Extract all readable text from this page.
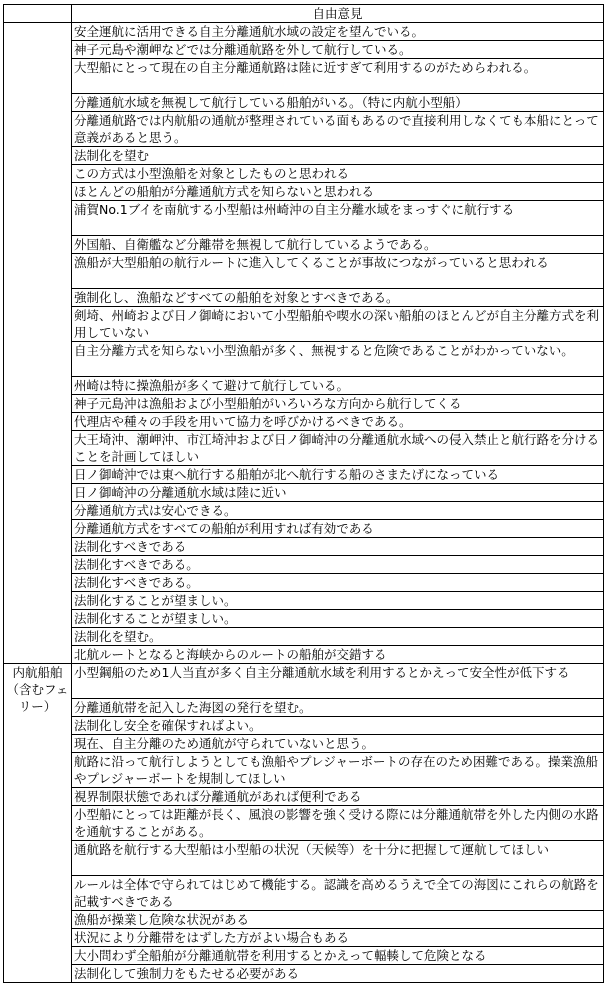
	自由意見
	安全運航に活用できる自主分離通航水域の設定を望んでいる。
	神子元島や潮岬などでは分離通航路を外して航行している。
	大型船にとって現在の自主分離通航路は陸に近すぎて利用するのがためらわれる。
	分離通航水域を無視して航行している船舶がいる。（特に内航小型船）
	分離通航路では内航船の通航が整理されている面もあるので直接利用しなくても本船にとって意義があると思う。
	法制化を望む
	この方式は小型漁船を対象としたものと思われる
	ほとんどの船舶が分離通航方式を知らないと思われる
	浦賀No.1ブイを南航する小型船は州崎沖の自主分離水域をまっすぐに航行する
	外国船、自衛艦など分離帯を無視して航行しているようである。
	漁船が大型船舶の航行ルートに進入してくることが事故につながっていると思われる
	強制化し、漁船などすべての船舶を対象とすべきである。
	剣埼、州崎および日ノ御崎において小型船舶や喫水の深い船舶のほとんどが自主分離方式を利用していない
	自主分離方式を知らない小型漁船が多く、無視すると危険であることがわかっていない。
	州崎は特に操漁船が多くて避けて航行している。
	神子元島沖は漁船および小型船舶がいろいろな方向から航行してくる
	代理店や種々の手段を用いて協力を呼びかけるべきである。
	大王埼沖、潮岬沖、市江埼沖および日ノ御崎沖の分離通航水域への侵入禁止と航行路を分けることを計画してほしい
	日ノ御崎沖では東へ航行する船舶が北へ航行する船のさまたげになっている
	日ノ御崎沖の分離通航水域は陸に近い
	分離通航方式は安心できる。
	分離通航方式をすべての船舶が利用すれば有効である
	法制化すべきである
	法制化すべきである。
	法制化すべきである。
	法制化することが望ましい。
	法制化することが望ましい。
	法制化を望む。
	北航ルートとなると海峡からのルートの船舶が交錯する
内航船舶（含むフェリー）	小型鋼船のため1人当直が多く自主分離通航水域を利用するとかえって安全性が低下する
	分離通航帯を記入した海図の発行を望む。
	法制化し安全を確保すればよい。
	現在、自主分離のため通航が守られていないと思う。
	航路に沿って航行しようとしても漁船やプレジャーボートの存在のため困難である。操業漁船やプレジャーボートを規制してほしい
	視界制限状態であれば分離通航があれば便利である
	小型船にとっては距離が長く、風浪の影響を強く受ける際には分離通航帯を外した内側の水路を通航することがある。
	通航路を航行する大型船は小型船の状況（天候等）を十分に把握して運航してほしい
	ルールは全体で守られてはじめて機能する。認識を高めるうえで全ての海図にこれらの航路を記載すべきである
	漁船が操業し危険な状況がある
	状況により分離帯をはずした方がよい場合もある
	大小問わず全船舶が分離通航帯を利用するとかえって輻輳して危険となる
	法制化して強制力をもたせる必要がある
